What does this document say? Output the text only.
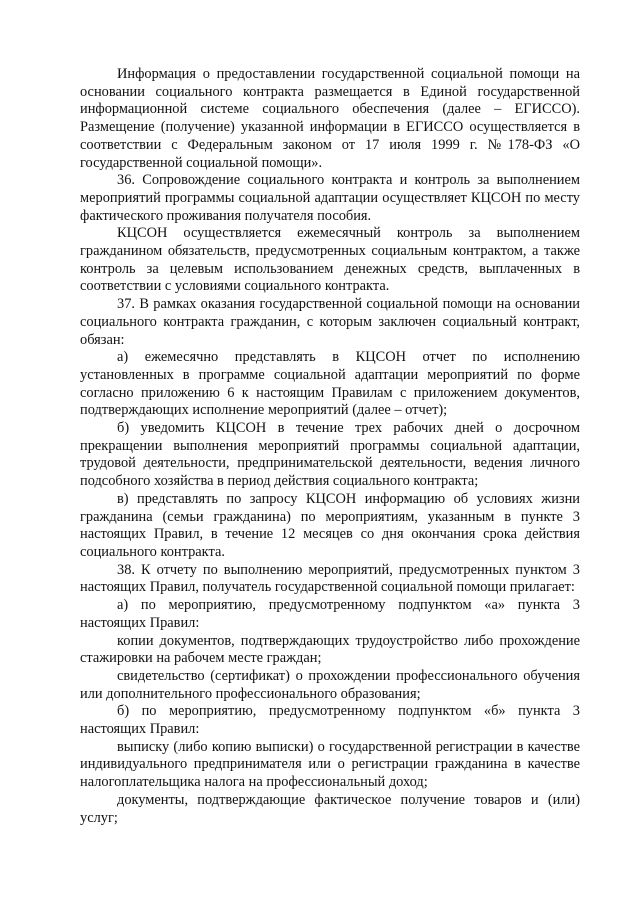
Информация о предоставлении государственной социальной помощи на основании социального контракта размещается в Единой государственной информационной системе социального обеспечения (далее – ЕГИССО). Размещение (получение) указанной информации в ЕГИССО осуществляется в соответствии с Федеральным законом от 17 июля 1999 г. №178-ФЗ «О государственной социальной помощи».

36. Сопровождение социального контракта и контроль за выполнением мероприятий программы социальной адаптации осуществляет КЦСОН по месту фактического проживания получателя пособия.

КЦСОН осуществляется ежемесячный контроль за выполнением гражданином обязательств, предусмотренных социальным контрактом, а также контроль за целевым использованием денежных средств, выплаченных в соответствии с условиями социального контракта.

37. В рамках оказания государственной социальной помощи на основании социального контракта гражданин, с которым заключен социальный контракт, обязан:

а) ежемесячно представлять в КЦСОН отчет по исполнению установленных в программе социальной адаптации мероприятий по форме согласно приложению 6 к настоящим Правилам с приложением документов, подтверждающих исполнение мероприятий (далее – отчет);

б) уведомить КЦСОН в течение трех рабочих дней о досрочном прекращении выполнения мероприятий программы социальной адаптации, трудовой деятельности, предпринимательской деятельности, ведения личного подсобного хозяйства в период действия социального контракта;

в) представлять по запросу КЦСОН информацию об условиях жизни гражданина (семьи гражданина) по мероприятиям, указанным в пункте 3 настоящих Правил, в течение 12 месяцев со дня окончания срока действия социального контракта.

38. К отчету по выполнению мероприятий, предусмотренных пунктом 3 настоящих Правил, получатель государственной социальной помощи прилагает:

а) по мероприятию, предусмотренному подпунктом «а» пункта 3 настоящих Правил:

копии документов, подтверждающих трудоустройство либо прохождение стажировки на рабочем месте граждан;

свидетельство (сертификат) о прохождении профессионального обучения или дополнительного профессионального образования;

б) по мероприятию, предусмотренному подпунктом «б» пункта 3 настоящих Правил:

выписку (либо копию выписки) о государственной регистрации в качестве индивидуального предпринимателя или о регистрации гражданина в качестве налогоплательщика налога на профессиональный доход;

документы, подтверждающие фактическое получение товаров и (или) услуг;
